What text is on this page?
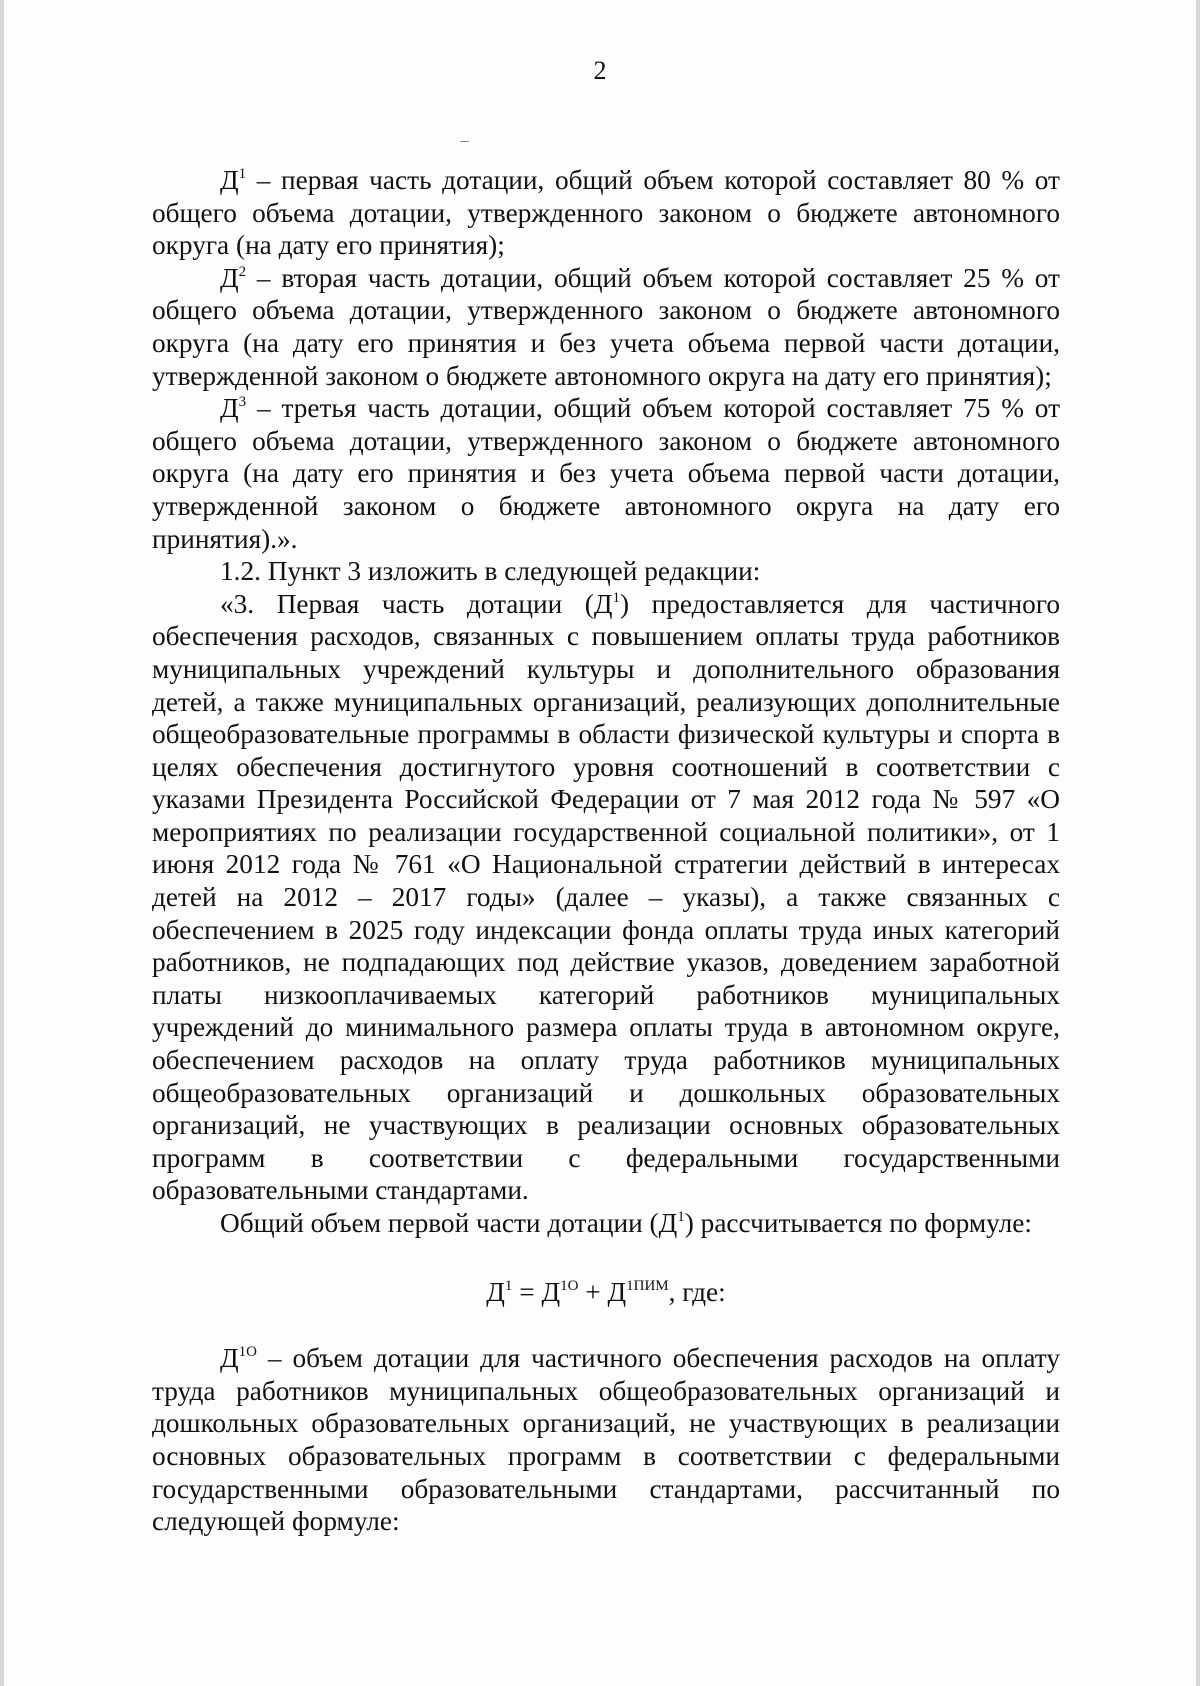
2

$Д^1$ – первая часть дотации, общий объем которой составляет 80 % от общего объема дотации, утвержденного законом о бюджете автономного округа (на дату его принятия);

$Д^2$ – вторая часть дотации, общий объем которой составляет 25 % от общего объема дотации, утвержденного законом о бюджете автономного округа (на дату его принятия и без учета объема первой части дотации, утвержденной законом о бюджете автономного округа на дату его принятия);

$Д^3$ – третья часть дотации, общий объем которой составляет 75 % от общего объема дотации, утвержденного законом о бюджете автономного округа (на дату его принятия и без учета объема первой части дотации, утвержденной законом о бюджете автономного округа на дату его принятия).».

1.2. Пункт 3 изложить в следующей редакции:

«3. Первая часть дотации $(Д^1)$ предоставляется для частичного обеспечения расходов, связанных с повышением оплаты труда работников муниципальных учреждений культуры и дополнительного образования детей, а также муниципальных организаций, реализующих дополнительные общеобразовательные программы в области физической культуры и спорта в целях обеспечения достигнутого уровня соотношений в соответствии с указами Президента Российской Федерации от 7 мая 2012 года № 597 «О мероприятиях по реализации государственной социальной политики», от 1 июня 2012 года № 761 «О Национальной стратегии действий в интересах детей на 2012 – 2017 годы» (далее – указы), а также связанных с обеспечением в 2025 году индексации фонда оплаты труда иных категорий работников, не подпадающих под действие указов, доведением заработной платы низкооплачиваемых категорий работников муниципальных учреждений до минимального размера оплаты труда в автономном округе, обеспечением расходов на оплату труда работников муниципальных общеобразовательных организаций и дошкольных образовательных организаций, не участвующих в реализации основных образовательных программ в соответствии с федеральными государственными образовательными стандартами.

Общий объем первой части дотации $(Д^1)$ рассчитывается по формуле:

$Д^1 = Д^{1О} + Д^{1ПИМ}$, где:

$Д^{1О}$ – объем дотации для частичного обеспечения расходов на оплату труда работников муниципальных общеобразовательных организаций и дошкольных образовательных организаций, не участвующих в реализации основных образовательных программ в соответствии с федеральными государственными образовательными стандартами, рассчитанный по следующей формуле:
